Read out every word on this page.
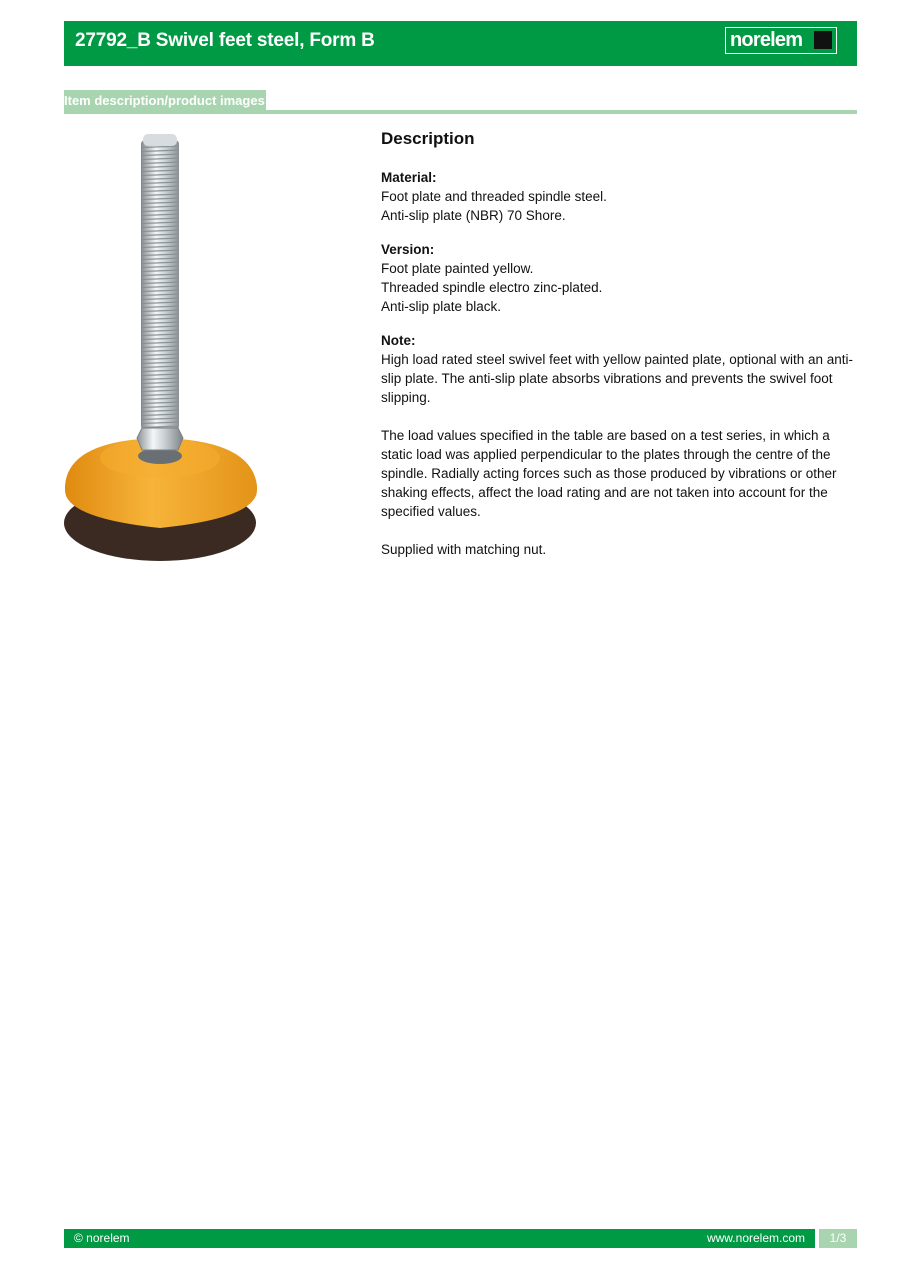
27792_B Swivel feet steel, Form B	norelem
Item description/product images
Description
Material:
Foot plate and threaded spindle steel.
Anti-slip plate (NBR) 70 Shore.
Version:
Foot plate painted yellow.
Threaded spindle electro zinc-plated.
Anti-slip plate black.
Note:

High load rated steel swivel feet with yellow painted plate, optional with an anti-slip plate. The anti-slip plate absorbs vibrations and prevents the swivel foot slipping.

The load values specified in the table are based on a test series, in which a static load was applied perpendicular to the plates through the centre of the spindle. Radially acting forces such as those produced by vibrations or other shaking effects, affect the load rating and are not taken into account for the specified values.

Supplied with matching nut.

© norelem	www.norelem.com	1/3
